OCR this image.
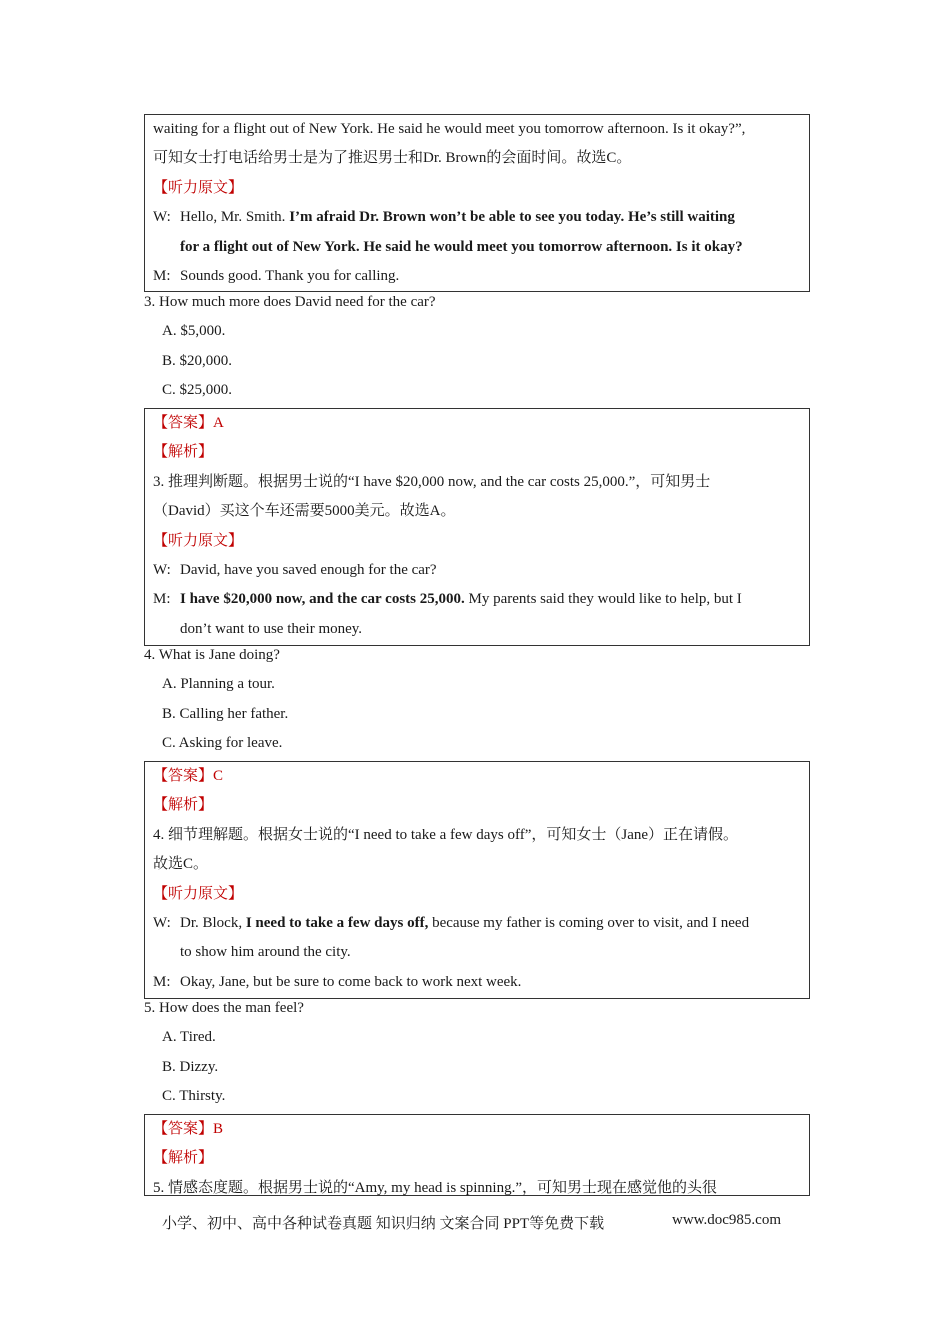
waiting for a flight out of New York. He said he would meet you tomorrow afternoon. Is it okay?”,
可知女士打电话给男士是为了推迟男士和Dr. Brown的会面时间。故选C。
【听力原文】
W: Hello, Mr. Smith. I’m afraid Dr. Brown won’t be able to see you today. He’s still waiting
for a flight out of New York. He said he would meet you tomorrow afternoon. Is it okay?
M: Sounds good. Thank you for calling.
3. How much more does David need for the car?
A. $5,000.
B. $20,000.
C. $25,000.
【答案】A
【解析】
3. 推理判断题。根据男士说的“I have $20,000 now, and the car costs 25,000.”，可知男士
（David）买这个车还需要5000美元。故选A。
【听力原文】
W: David, have you saved enough for the car?
M: I have $20,000 now, and the car costs 25,000. My parents said they would like to help, but I
don’t want to use their money.
4. What is Jane doing?
A. Planning a tour.
B. Calling her father.
C. Asking for leave.
【答案】C
【解析】
4. 细节理解题。根据女士说的“I need to take a few days off”，可知女士（Jane）正在请假。
故选C。
【听力原文】
W: Dr. Block, I need to take a few days off, because my father is coming over to visit, and I need
to show him around the city.
M: Okay, Jane, but be sure to come back to work next week.
5. How does the man feel?
A. Tired.
B. Dizzy.
C. Thirsty.
【答案】B
【解析】
5. 情感态度题。根据男士说的“Amy, my head is spinning.”，可知男士现在感觉他的头很
小学、初中、高中各种试卷真题 知识归纳 文案合同 PPT等免费下载	www.doc985.com
